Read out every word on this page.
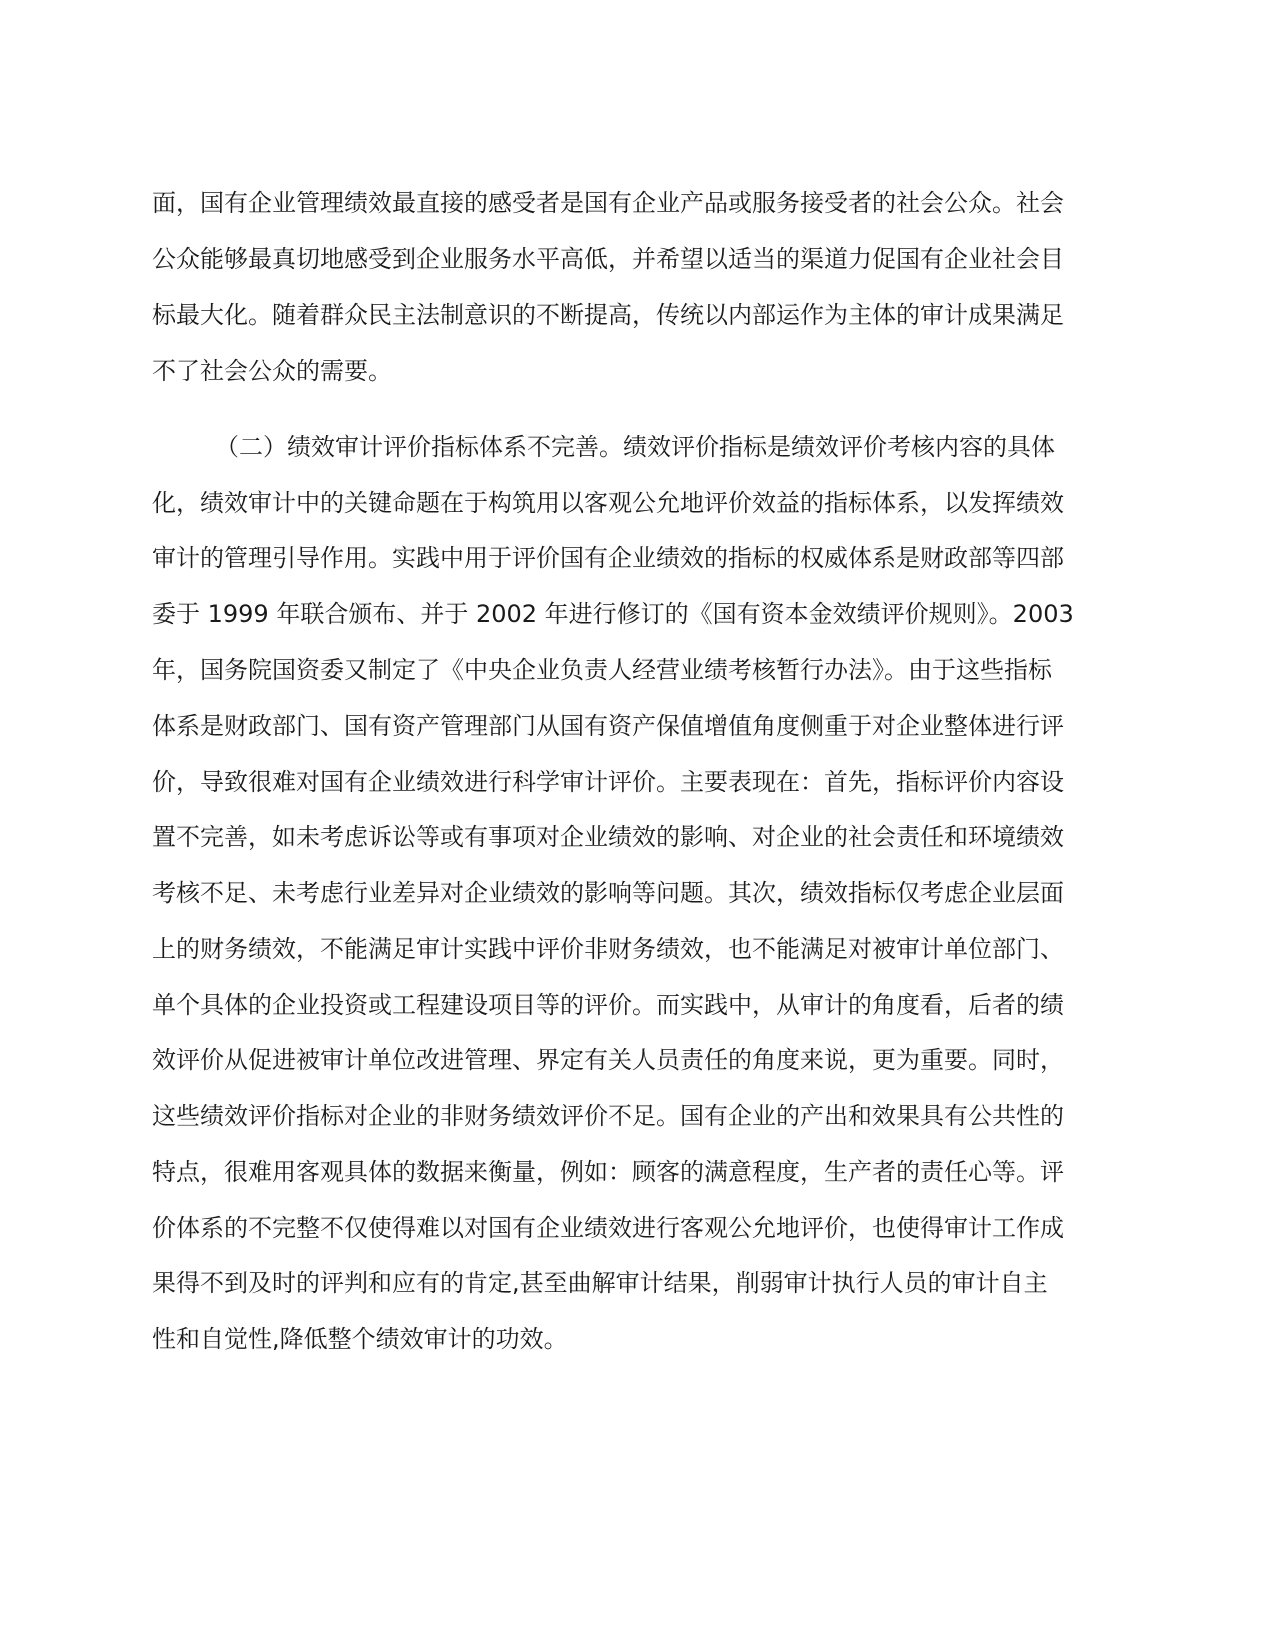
面，国有企业管理绩效最直接的感受者是国有企业产品或服务接受者的社会公众。社会
公众能够最真切地感受到企业服务水平高低，并希望以适当的渠道力促国有企业社会目
标最大化。随着群众民主法制意识的不断提高，传统以内部运作为主体的审计成果满足
不了社会公众的需要。
（二）绩效审计评价指标体系不完善。绩效评价指标是绩效评价考核内容的具体
化，绩效审计中的关键命题在于构筑用以客观公允地评价效益的指标体系，以发挥绩效
审计的管理引导作用。实践中用于评价国有企业绩效的指标的权威体系是财政部等四部
委于 1999 年联合颁布、并于 2002 年进行修订的《国有资本金效绩评价规则》。2003
年，国务院国资委又制定了《中央企业负责人经营业绩考核暂行办法》。由于这些指标
体系是财政部门、国有资产管理部门从国有资产保值增值角度侧重于对企业整体进行评
价，导致很难对国有企业绩效进行科学审计评价。主要表现在：首先，指标评价内容设
置不完善，如未考虑诉讼等或有事项对企业绩效的影响、对企业的社会责任和环境绩效
考核不足、未考虑行业差异对企业绩效的影响等问题。其次，绩效指标仅考虑企业层面
上的财务绩效，不能满足审计实践中评价非财务绩效，也不能满足对被审计单位部门、
单个具体的企业投资或工程建设项目等的评价。而实践中，从审计的角度看，后者的绩
效评价从促进被审计单位改进管理、界定有关人员责任的角度来说，更为重要。同时，
这些绩效评价指标对企业的非财务绩效评价不足。国有企业的产出和效果具有公共性的
特点，很难用客观具体的数据来衡量，例如：顾客的满意程度，生产者的责任心等。评
价体系的不完整不仅使得难以对国有企业绩效进行客观公允地评价，也使得审计工作成
果得不到及时的评判和应有的肯定,甚至曲解审计结果，削弱审计执行人员的审计自主
性和自觉性,降低整个绩效审计的功效。
